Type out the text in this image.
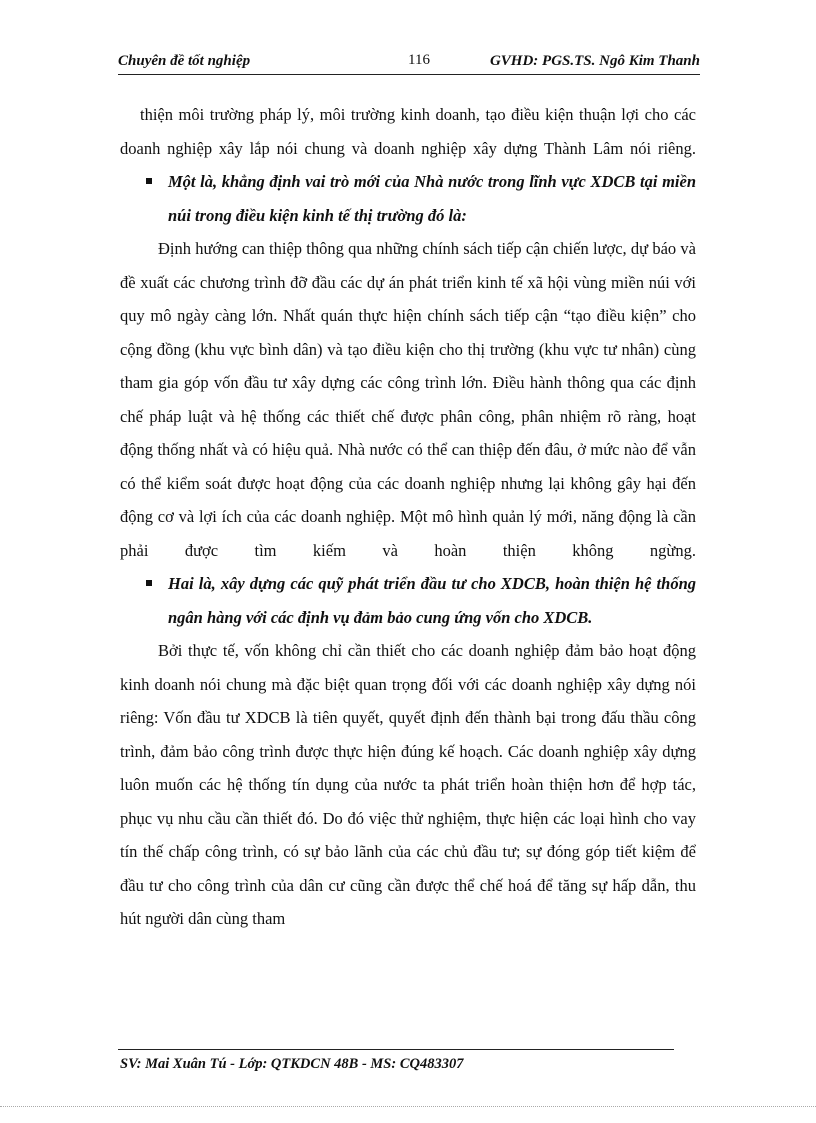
Chuyên đề tốt nghiệp	116	GVHD: PGS.TS. Ngô Kim Thanh

thiện môi trường pháp lý, môi trường kinh doanh, tạo điều kiện thuận lợi cho các doanh nghiệp xây lắp nói chung và doanh nghiệp xây dựng Thành Lâm nói riêng.

Một là, khẳng định vai trò mới của Nhà nước trong lĩnh vực XDCB tại miền núi trong điều kiện kinh tế thị trường đó là:

Định hướng can thiệp thông qua những chính sách tiếp cận chiến lược, dự báo và đề xuất các chương trình đỡ đầu các dự án phát triển kinh tế xã hội vùng miền núi với quy mô ngày càng lớn. Nhất quán thực hiện chính sách tiếp cận “tạo điều kiện” cho cộng đồng (khu vực bình dân) và tạo điều kiện cho thị trường (khu vực tư nhân) cùng tham gia góp vốn đầu tư xây dựng các công trình lớn. Điều hành thông qua các định chế pháp luật và hệ thống các thiết chế được phân công, phân nhiệm rõ ràng, hoạt động thống nhất và có hiệu quả. Nhà nước có thể can thiệp đến đâu, ở mức nào để vẫn có thể kiểm soát được hoạt động của các doanh nghiệp nhưng lại không gây hại đến động cơ và lợi ích của các doanh nghiệp. Một mô hình quản lý mới, năng động là cần phải được tìm kiếm và hoàn thiện không ngừng.

Hai là, xây dựng các quỹ phát triển đầu tư cho XDCB, hoàn thiện hệ thống ngân hàng với các định vụ đảm bảo cung ứng vốn cho XDCB.

Bởi thực tế, vốn không chỉ cần thiết cho các doanh nghiệp đảm bảo hoạt động kinh doanh nói chung mà đặc biệt quan trọng đối với các doanh nghiệp xây dựng nói riêng: Vốn đầu tư XDCB là tiên quyết, quyết định đến thành bại trong đấu thầu công trình, đảm bảo công trình được thực hiện đúng kế hoạch. Các doanh nghiệp xây dựng luôn muốn các hệ thống tín dụng của nước ta phát triển hoàn thiện hơn để hợp tác, phục vụ nhu cầu cần thiết đó. Do đó việc thử nghiệm, thực hiện các loại hình cho vay tín thế chấp công trình, có sự bảo lãnh của các chủ đầu tư; sự đóng góp tiết kiệm để đầu tư cho công trình của dân cư cũng cần được thể chế hoá để tăng sự hấp dẫn, thu hút người dân cùng tham

SV: Mai Xuân Tú - Lớp: QTKDCN 48B - MS: CQ483307
